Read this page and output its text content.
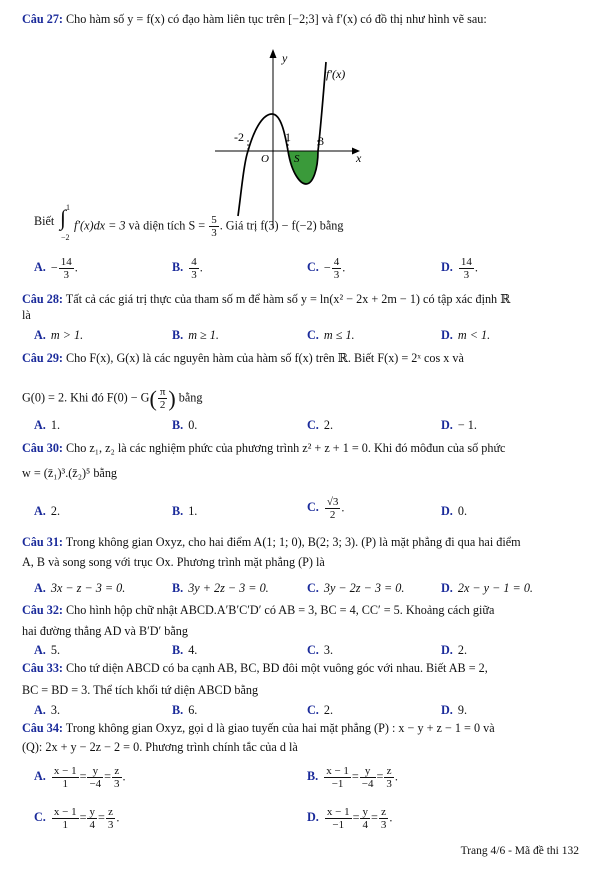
Câu 27: Cho hàm số y = f(x) có đạo hàm liên tục trên [−2;3] và f′(x) có đồ thị như hình vẽ sau:
y
f′(x)
-2	1 3
O S	x
Biết
1
∫
−2
f′(x)dx = 3 và diện tích $S = \frac{5}{3}$ . Giá trị f(3) − f(−2) bằng
A. − $\frac{14}{3}$ .	B. $\frac{4}{3}$ .	C. − $\frac{4}{3}$ .	D. $\frac{14}{3}$ .
Câu 28: Tất cả các giá trị thực của tham số m để hàm số y = ln(x² − 2x + 2m − 1) có tập xác định ℝ
là
A. m > 1.	B. m ≥ 1.	C. m ≤ 1.	D. m < 1.
Câu 29: Cho F(x), G(x) là các nguyên hàm của hàm số f(x) trên ℝ. Biết F(x) = 2ˣ cos x và
G(0) = 2. Khi đó $F(0) - G( \frac{\pi}{2}$ ) bằng
A. 1.	B. 0.	C. 2.	D. − 1.
Câu 30: Cho z₁, z₂ là các nghiệm phức của phương trình z² + z + 1 = 0. Khi đó môđun của số phức
w = (z̄₁)³.(z̄₂)⁵ bằng
A. 2.	B. 1.	C. $\frac{√3}{2}$ .	D. 0.
Câu 31: Trong không gian Oxyz, cho hai điểm A(1; 1; 0), B(2; 3; 3). (P) là mặt phẳng đi qua hai điểm
A, B và song song với trục Ox. Phương trình mặt phẳng (P) là
A. 3x − z − 3 = 0.	B. 3y + 2z − 3 = 0.	C. 3y − 2z − 3 = 0.	D. 2x − y − 1 = 0.
Câu 32: Cho hình hộp chữ nhật ABCD.A′B′C′D′ có AB = 3, BC = 4, CC′ = 5. Khoảng cách giữa
hai đường thẳng AD và B′D′ bằng
A. 5.	B. 4.	C. 3.	D. 2.
Câu 33: Cho tứ diện ABCD có ba cạnh AB, BC, BD đôi một vuông góc với nhau. Biết AB = 2,
BC = BD = 3. Thể tích khối tứ diện ABCD bằng
A. 3.	B. 6.	C. 2.	D. 9.
Câu 34: Trong không gian Oxyz, gọi d là giao tuyến của hai mặt phẳng (P) : x − y + z − 1 = 0 và
(Q): 2x + y − 2z − 2 = 0. Phương trình chính tắc của d là
A. $\frac{x - 1}{1} = \frac{y}{-4} = \frac{z}{3}$ .	B. $\frac{x - 1}{-1} = \frac{y}{-4} = \frac{z}{3}$ .
C. $\frac{x - 1}{1} = \frac{y}{4} = \frac{z}{3}$ .	D. $\frac{x - 1}{-1} = \frac{y}{4} = \frac{z}{3}$ .
Trang 4/6 - Mã đề thi 132
